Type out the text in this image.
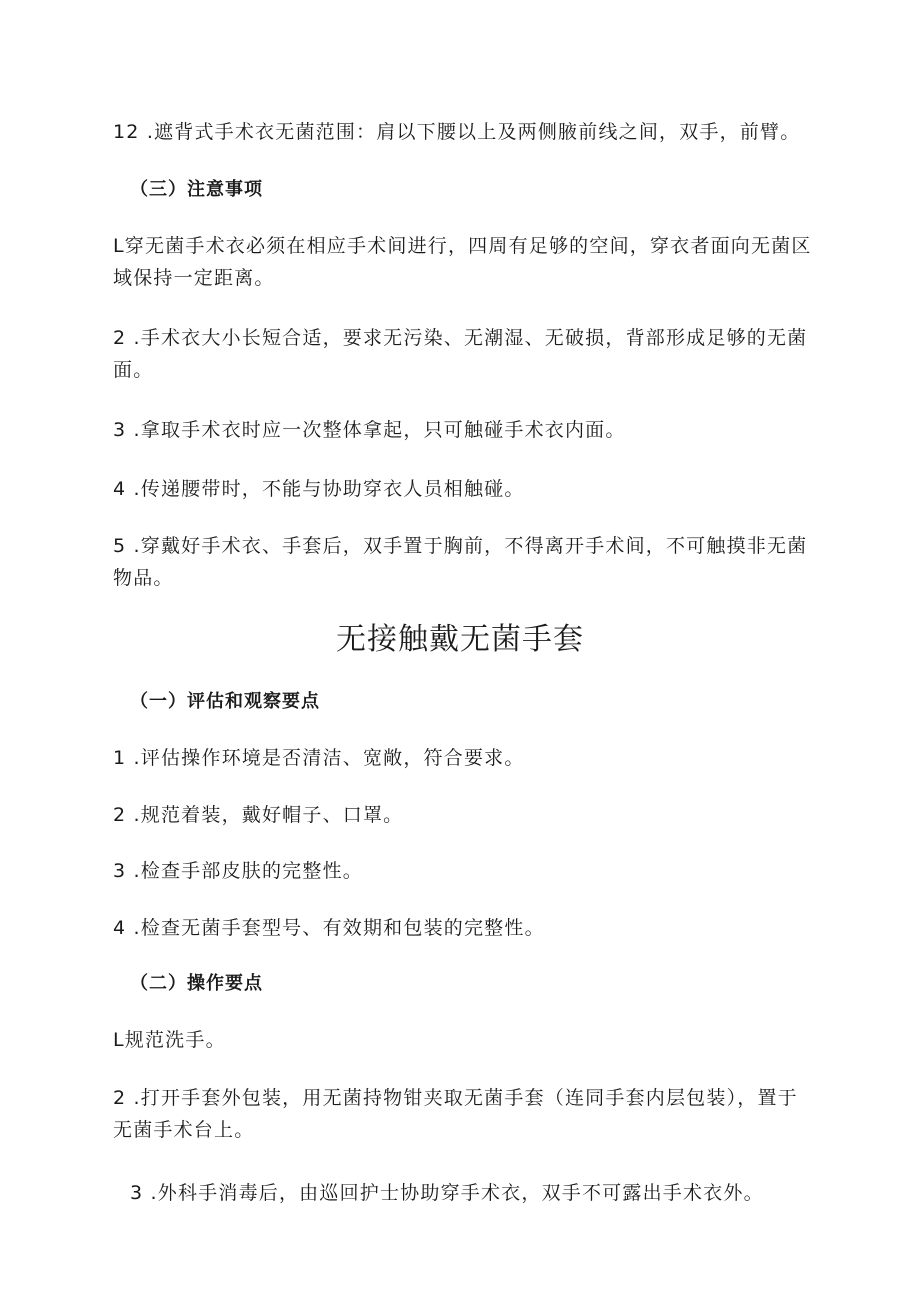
12 .遮背式手术衣无菌范围：肩以下腰以上及两侧腋前线之间，双手，前臂。

（三）注意事项

L穿无菌手术衣必须在相应手术间进行，四周有足够的空间，穿衣者面向无菌区域保持一定距离。

2 .手术衣大小长短合适，要求无污染、无潮湿、无破损，背部形成足够的无菌面。

3 .拿取手术衣时应一次整体拿起，只可触碰手术衣内面。

4 .传递腰带时，不能与协助穿衣人员相触碰。

5 .穿戴好手术衣、手套后，双手置于胸前，不得离开手术间，不可触摸非无菌物品。

无接触戴无菌手套

（一）评估和观察要点

1 .评估操作环境是否清洁、宽敞，符合要求。

2 .规范着装，戴好帽子、口罩。

3 .检查手部皮肤的完整性。

4 .检查无菌手套型号、有效期和包装的完整性。

（二）操作要点

L规范洗手。

2 .打开手套外包装，用无菌持物钳夹取无菌手套（连同手套内层包装），置于无菌手术台上。

3 .外科手消毒后，由巡回护士协助穿手术衣，双手不可露出手术衣外。
